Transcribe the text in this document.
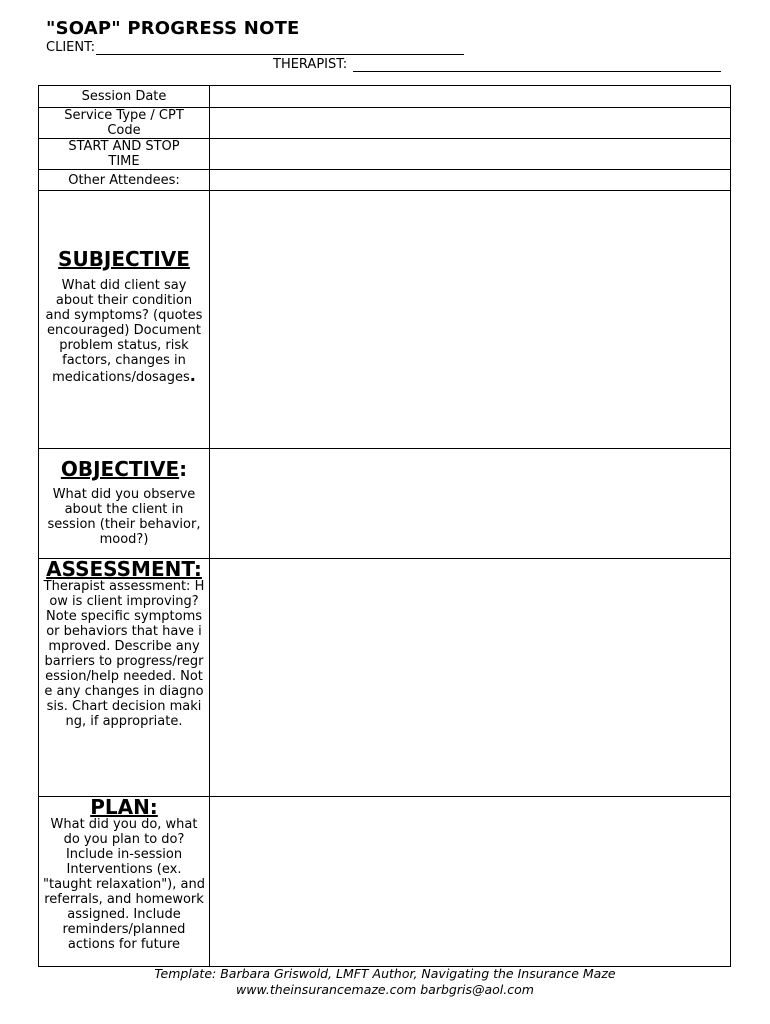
"SOAP" PROGRESS NOTE
CLIENT:
THERAPIST:
Session Date	

Service Type / CPT Code	

START AND STOP TIME	

Other Attendees:	

SUBJECTIVE
What did client say about their condition and symptoms? (quotes encouraged) Document problem status, risk factors, changes in medications/dosages.	

OBJECTIVE:
What did you observe about the client in session (their behavior, mood?)	

ASSESSMENT:
Therapist assessment: How is client improving? Note specific symptoms or behaviors that have improved. Describe any barriers to progress/regression/help needed. Note any changes in diagnosis. Chart decision making, if appropriate.	

PLAN:
What did you do, what do you plan to do? Include in-session Interventions (ex. "taught relaxation"), and referrals, and homework assigned. Include reminders/planned actions for future	

Template: Barbara Griswold, LMFT Author, Navigating the Insurance Maze
www.theinsurancemaze.com barbgris@aol.com
